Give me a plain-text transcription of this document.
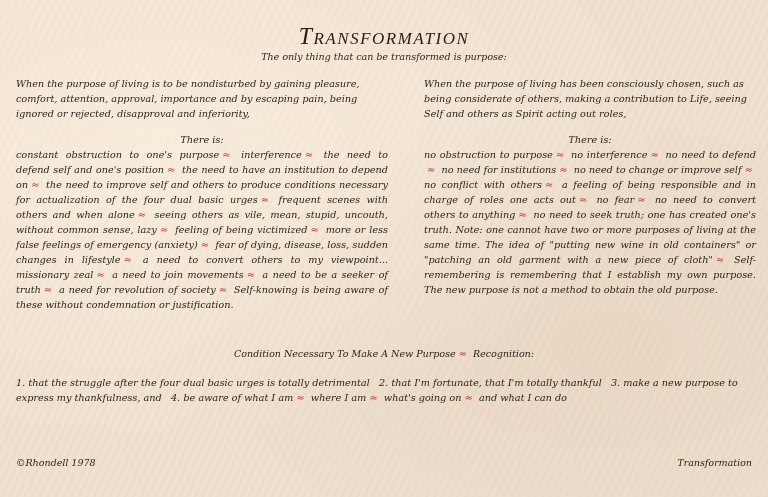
Transformation
The only thing that can be transformed is purpose:

When the purpose of living is to be nondisturbed by gaining pleasure, comfort, attention, approval, importance and by escaping pain, being ignored or rejected, disapproval and inferiority,

There is:

constant obstruction to one's purpose ≈ interference ≈ the need to defend self and one's position ≈ the need to have an institution to depend on ≈ the need to improve self and others to produce conditions necessary for actualization of the four dual basic urges ≈ frequent scenes with others and when alone ≈ seeing others as vile, mean, stupid, uncouth, without common sense, lazy ≈ feeling of being victimized ≈ more or less false feelings of emergency (anxiety) ≈ fear of dying, disease, loss, sudden changes in lifestyle ≈ a need to convert others to my viewpoint... missionary zeal ≈ a need to join movements ≈ a need to be a seeker of truth ≈ a need for revolution of society ≈ Self-knowing is being aware of these without condemnation or justification.

When the purpose of living has been consciously chosen, such as being considerate of others, making a contribution to Life, seeing Self and others as Spirit acting out roles,

There is:

no obstruction to purpose ≈ no interference ≈ no need to defend≈ no need for institutions ≈ no need to change or improve self ≈ no conflict with others ≈ a feeling of being responsible and in charge of roles one acts out ≈ no fear ≈ no need to convert others to anything ≈ no need to seek truth; one has created one's truth. Note: one cannot have two or more purposes of living at the same time. The idea of "putting new wine in old containers" or "patching an old garment with a new piece of cloth" ≈ Self-remembering is remembering that I establish my own purpose. The new purpose is not a method to obtain the old purpose.

Condition Necessary To Make A New Purpose ≈ Recognition:
1. that the struggle after the four dual basic urges is totally detrimental 2. that I'm fortunate, that I'm totally thankful 3. make a new purpose to express my thankfulness, and 4. be aware of what I am ≈ where I am ≈ what's going on ≈ and what I can do
©Rhondell 1978	Transformation
